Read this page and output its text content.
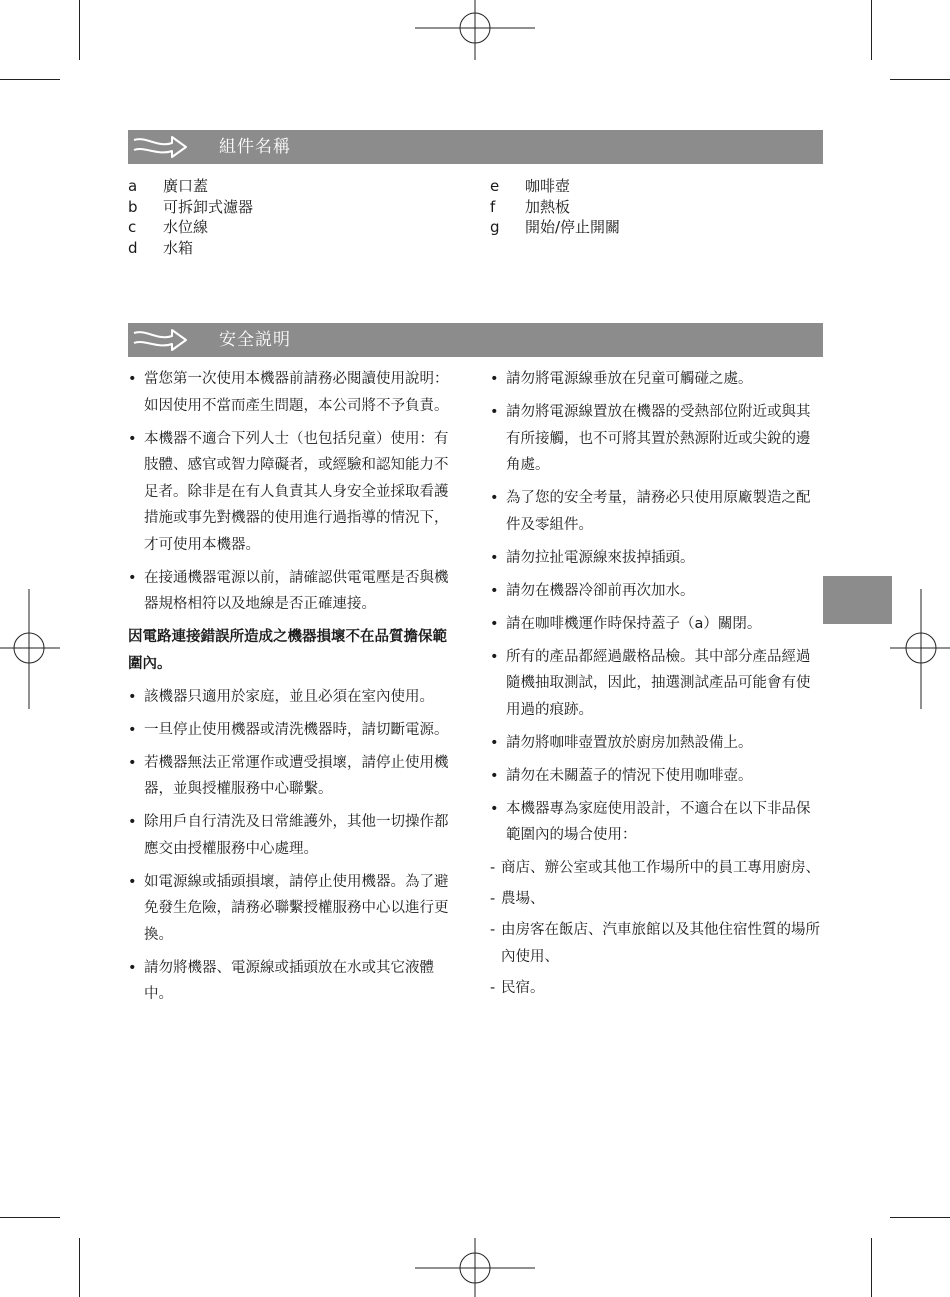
組件名稱
a	廣口蓋
b	可拆卸式濾器
c	水位線
d	水箱
e	咖啡壺
f	加熱板
g	開始/停止開關
安全説明
• 當您第一次使用本機器前請務必閱讀使用說明：如因使用不當而產生問題，本公司將不予負責。
• 本機器不適合下列人士（也包括兒童）使用：有肢體、感官或智力障礙者，或經驗和認知能力不足者。除非是在有人負責其人身安全並採取看護措施或事先對機器的使用進行過指導的情況下，才可使用本機器。
• 在接通機器電源以前，請確認供電電壓是否與機器規格相符以及地線是否正確連接。
因電路連接錯誤所造成之機器損壞不在品質擔保範圍內。
• 該機器只適用於家庭，並且必須在室內使用。
• 一旦停止使用機器或清洗機器時，請切斷電源。
• 若機器無法正常運作或遭受損壞，請停止使用機器，並與授權服務中心聯繫。
• 除用戶自行清洗及日常維護外，其他一切操作都應交由授權服務中心處理。
• 如電源線或插頭損壞，請停止使用機器。為了避免發生危險，請務必聯繫授權服務中心以進行更換。
• 請勿將機器、電源線或插頭放在水或其它液體中。
• 請勿將電源線垂放在兒童可觸碰之處。
• 請勿將電源線置放在機器的受熱部位附近或與其有所接觸，也不可將其置於熱源附近或尖銳的邊角處。
• 為了您的安全考量，請務必只使用原廠製造之配件及零組件。
• 請勿拉扯電源線來拔掉插頭。
• 請勿在機器冷卻前再次加水。
• 請在咖啡機運作時保持蓋子（a）關閉。
• 所有的產品都經過嚴格品檢。其中部分產品經過隨機抽取測試，因此，抽選測試產品可能會有使用過的痕跡。
• 請勿將咖啡壺置放於廚房加熱設備上。
• 請勿在未關蓋子的情況下使用咖啡壺。
• 本機器專為家庭使用設計，不適合在以下非品保範圍內的場合使用：
- 商店、辦公室或其他工作場所中的員工專用廚房、
- 農場、
- 由房客在飯店、汽車旅館以及其他住宿性質的場所內使用、
- 民宿。
